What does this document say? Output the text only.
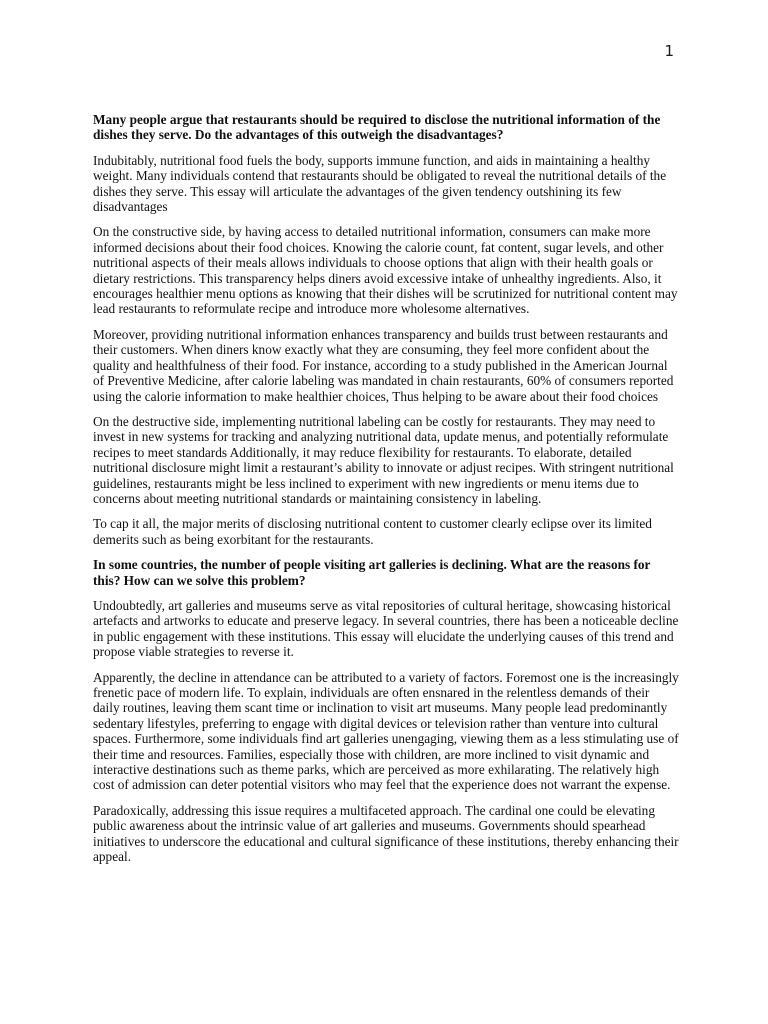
1

Many people argue that restaurants should be required to disclose the nutritional information of the dishes they serve. Do the advantages of this outweigh the disadvantages?

Indubitably, nutritional food fuels the body, supports immune function, and aids in maintaining a healthy weight. Many individuals contend that restaurants should be obligated to reveal the nutritional details of the dishes they serve. This essay will articulate the advantages of the given tendency outshining its few disadvantages

On the constructive side, by having access to detailed nutritional information, consumers can make more informed decisions about their food choices. Knowing the calorie count, fat content, sugar levels, and other nutritional aspects of their meals allows individuals to choose options that align with their health goals or dietary restrictions. This transparency helps diners avoid excessive intake of unhealthy ingredients. Also, it encourages healthier menu options as knowing that their dishes will be scrutinized for nutritional content may lead restaurants to reformulate recipe and introduce more wholesome alternatives.

Moreover, providing nutritional information enhances transparency and builds trust between restaurants and their customers. When diners know exactly what they are consuming, they feel more confident about the quality and healthfulness of their food. For instance, according to a study published in the American Journal of Preventive Medicine, after calorie labeling was mandated in chain restaurants, 60% of consumers reported using the calorie information to make healthier choices, Thus helping to be aware about their food choices

On the destructive side, implementing nutritional labeling can be costly for restaurants. They may need to invest in new systems for tracking and analyzing nutritional data, update menus, and potentially reformulate recipes to meet standards Additionally, it may reduce flexibility for restaurants. To elaborate, detailed nutritional disclosure might limit a restaurant’s ability to innovate or adjust recipes. With stringent nutritional guidelines, restaurants might be less inclined to experiment with new ingredients or menu items due to concerns about meeting nutritional standards or maintaining consistency in labeling.

To cap it all, the major merits of disclosing nutritional content to customer clearly eclipse over its limited demerits such as being exorbitant for the restaurants.

In some countries, the number of people visiting art galleries is declining. What are the reasons for this? How can we solve this problem?

Undoubtedly, art galleries and museums serve as vital repositories of cultural heritage, showcasing historical artefacts and artworks to educate and preserve legacy. In several countries, there has been a noticeable decline in public engagement with these institutions. This essay will elucidate the underlying causes of this trend and propose viable strategies to reverse it.

Apparently, the decline in attendance can be attributed to a variety of factors. Foremost one is the increasingly frenetic pace of modern life. To explain, individuals are often ensnared in the relentless demands of their daily routines, leaving them scant time or inclination to visit art museums. Many people lead predominantly sedentary lifestyles, preferring to engage with digital devices or television rather than venture into cultural spaces. Furthermore, some individuals find art galleries unengaging, viewing them as a less stimulating use of their time and resources. Families, especially those with children, are more inclined to visit dynamic and interactive destinations such as theme parks, which are perceived as more exhilarating. The relatively high cost of admission can deter potential visitors who may feel that the experience does not warrant the expense.

Paradoxically, addressing this issue requires a multifaceted approach. The cardinal one could be elevating public awareness about the intrinsic value of art galleries and museums. Governments should spearhead initiatives to underscore the educational and cultural significance of these institutions, thereby enhancing their appeal.
